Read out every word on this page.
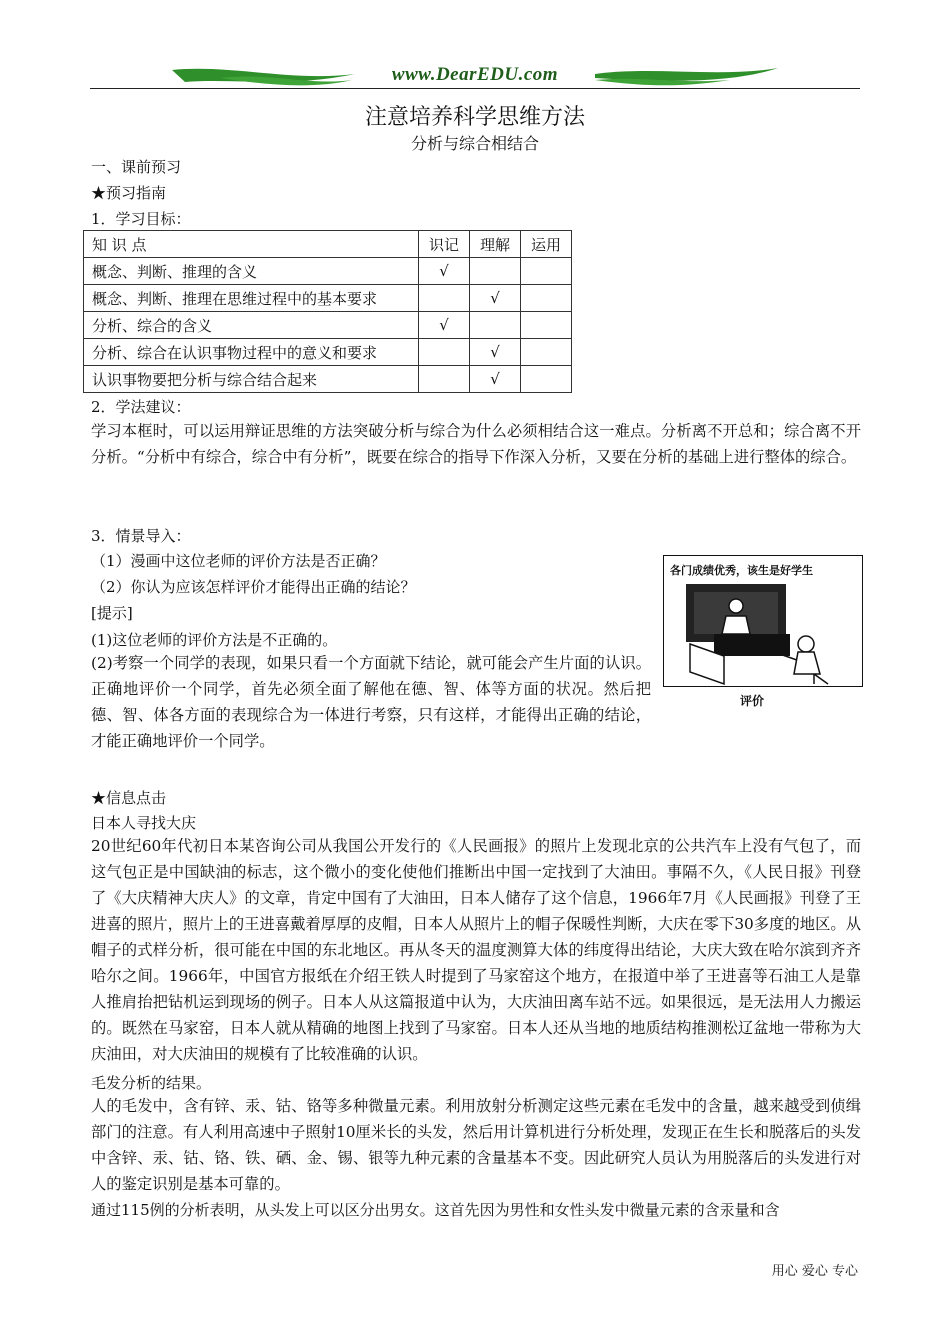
www.DearEDU.com
注意培养科学思维方法
分析与综合相结合
一、课前预习
★预习指南
1．学习目标：
知 识 点	识记	理解	运用
概念、判断、推理的含义	√		
概念、判断、推理在思维过程中的基本要求		√	
分析、综合的含义	√		
分析、综合在认识事物过程中的意义和要求		√	
认识事物要把分析与综合结合起来		√	
2．学法建议：
学习本框时，可以运用辩证思维的方法突破分析与综合为什么必须相结合这一难点。分析离不开总和；综合离不开分析。“分析中有综合，综合中有分析”，既要在综合的指导下作深入分析，又要在分析的基础上进行整体的综合。
3．情景导入：
（1）漫画中这位老师的评价方法是否正确？
（2）你认为应该怎样评价才能得出正确的结论？
[提示]
(1)这位老师的评价方法是不正确的。
(2)考察一个同学的表现，如果只看一个方面就下结论，就可能会产生片面的认识。正确地评价一个同学，首先必须全面了解他在德、智、体等方面的状况。然后把德、智、体各方面的表现综合为一体进行考察，只有这样，才能得出正确的结论，才能正确地评价一个同学。
各门成绩优秀，该生是好学生
评价
★信息点击
日本人寻找大庆
20世纪60年代初日本某咨询公司从我国公开发行的《人民画报》的照片上发现北京的公共汽车上没有气包了，而这气包正是中国缺油的标志，这个微小的变化使他们推断出中国一定找到了大油田。事隔不久，《人民日报》刊登了《大庆精神大庆人》的文章，肯定中国有了大油田，日本人储存了这个信息，1966年7月《人民画报》刊登了王进喜的照片，照片上的王进喜戴着厚厚的皮帽，日本人从照片上的帽子保暖性判断，大庆在零下30多度的地区。从帽子的式样分析，很可能在中国的东北地区。再从冬天的温度测算大体的纬度得出结论，大庆大致在哈尔滨到齐齐哈尔之间。1966年，中国官方报纸在介绍王铁人时提到了马家窑这个地方，在报道中举了王进喜等石油工人是靠人推肩抬把钻机运到现场的例子。日本人从这篇报道中认为，大庆油田离车站不远。如果很远，是无法用人力搬运的。既然在马家窑，日本人就从精确的地图上找到了马家窑。日本人还从当地的地质结构推测松辽盆地一带称为大庆油田，对大庆油田的规模有了比较准确的认识。
毛发分析的结果。
人的毛发中，含有锌、汞、钴、铬等多种微量元素。利用放射分析测定这些元素在毛发中的含量，越来越受到侦缉部门的注意。有人利用高速中子照射10厘米长的头发，然后用计算机进行分析处理，发现正在生长和脱落后的头发中含锌、汞、钴、铬、铁、硒、金、锡、银等九种元素的含量基本不变。因此研究人员认为用脱落后的头发进行对人的鉴定识别是基本可靠的。
通过115例的分析表明，从头发上可以区分出男女。这首先因为男性和女性头发中微量元素的含汞量和含
用心 爱心 专心
